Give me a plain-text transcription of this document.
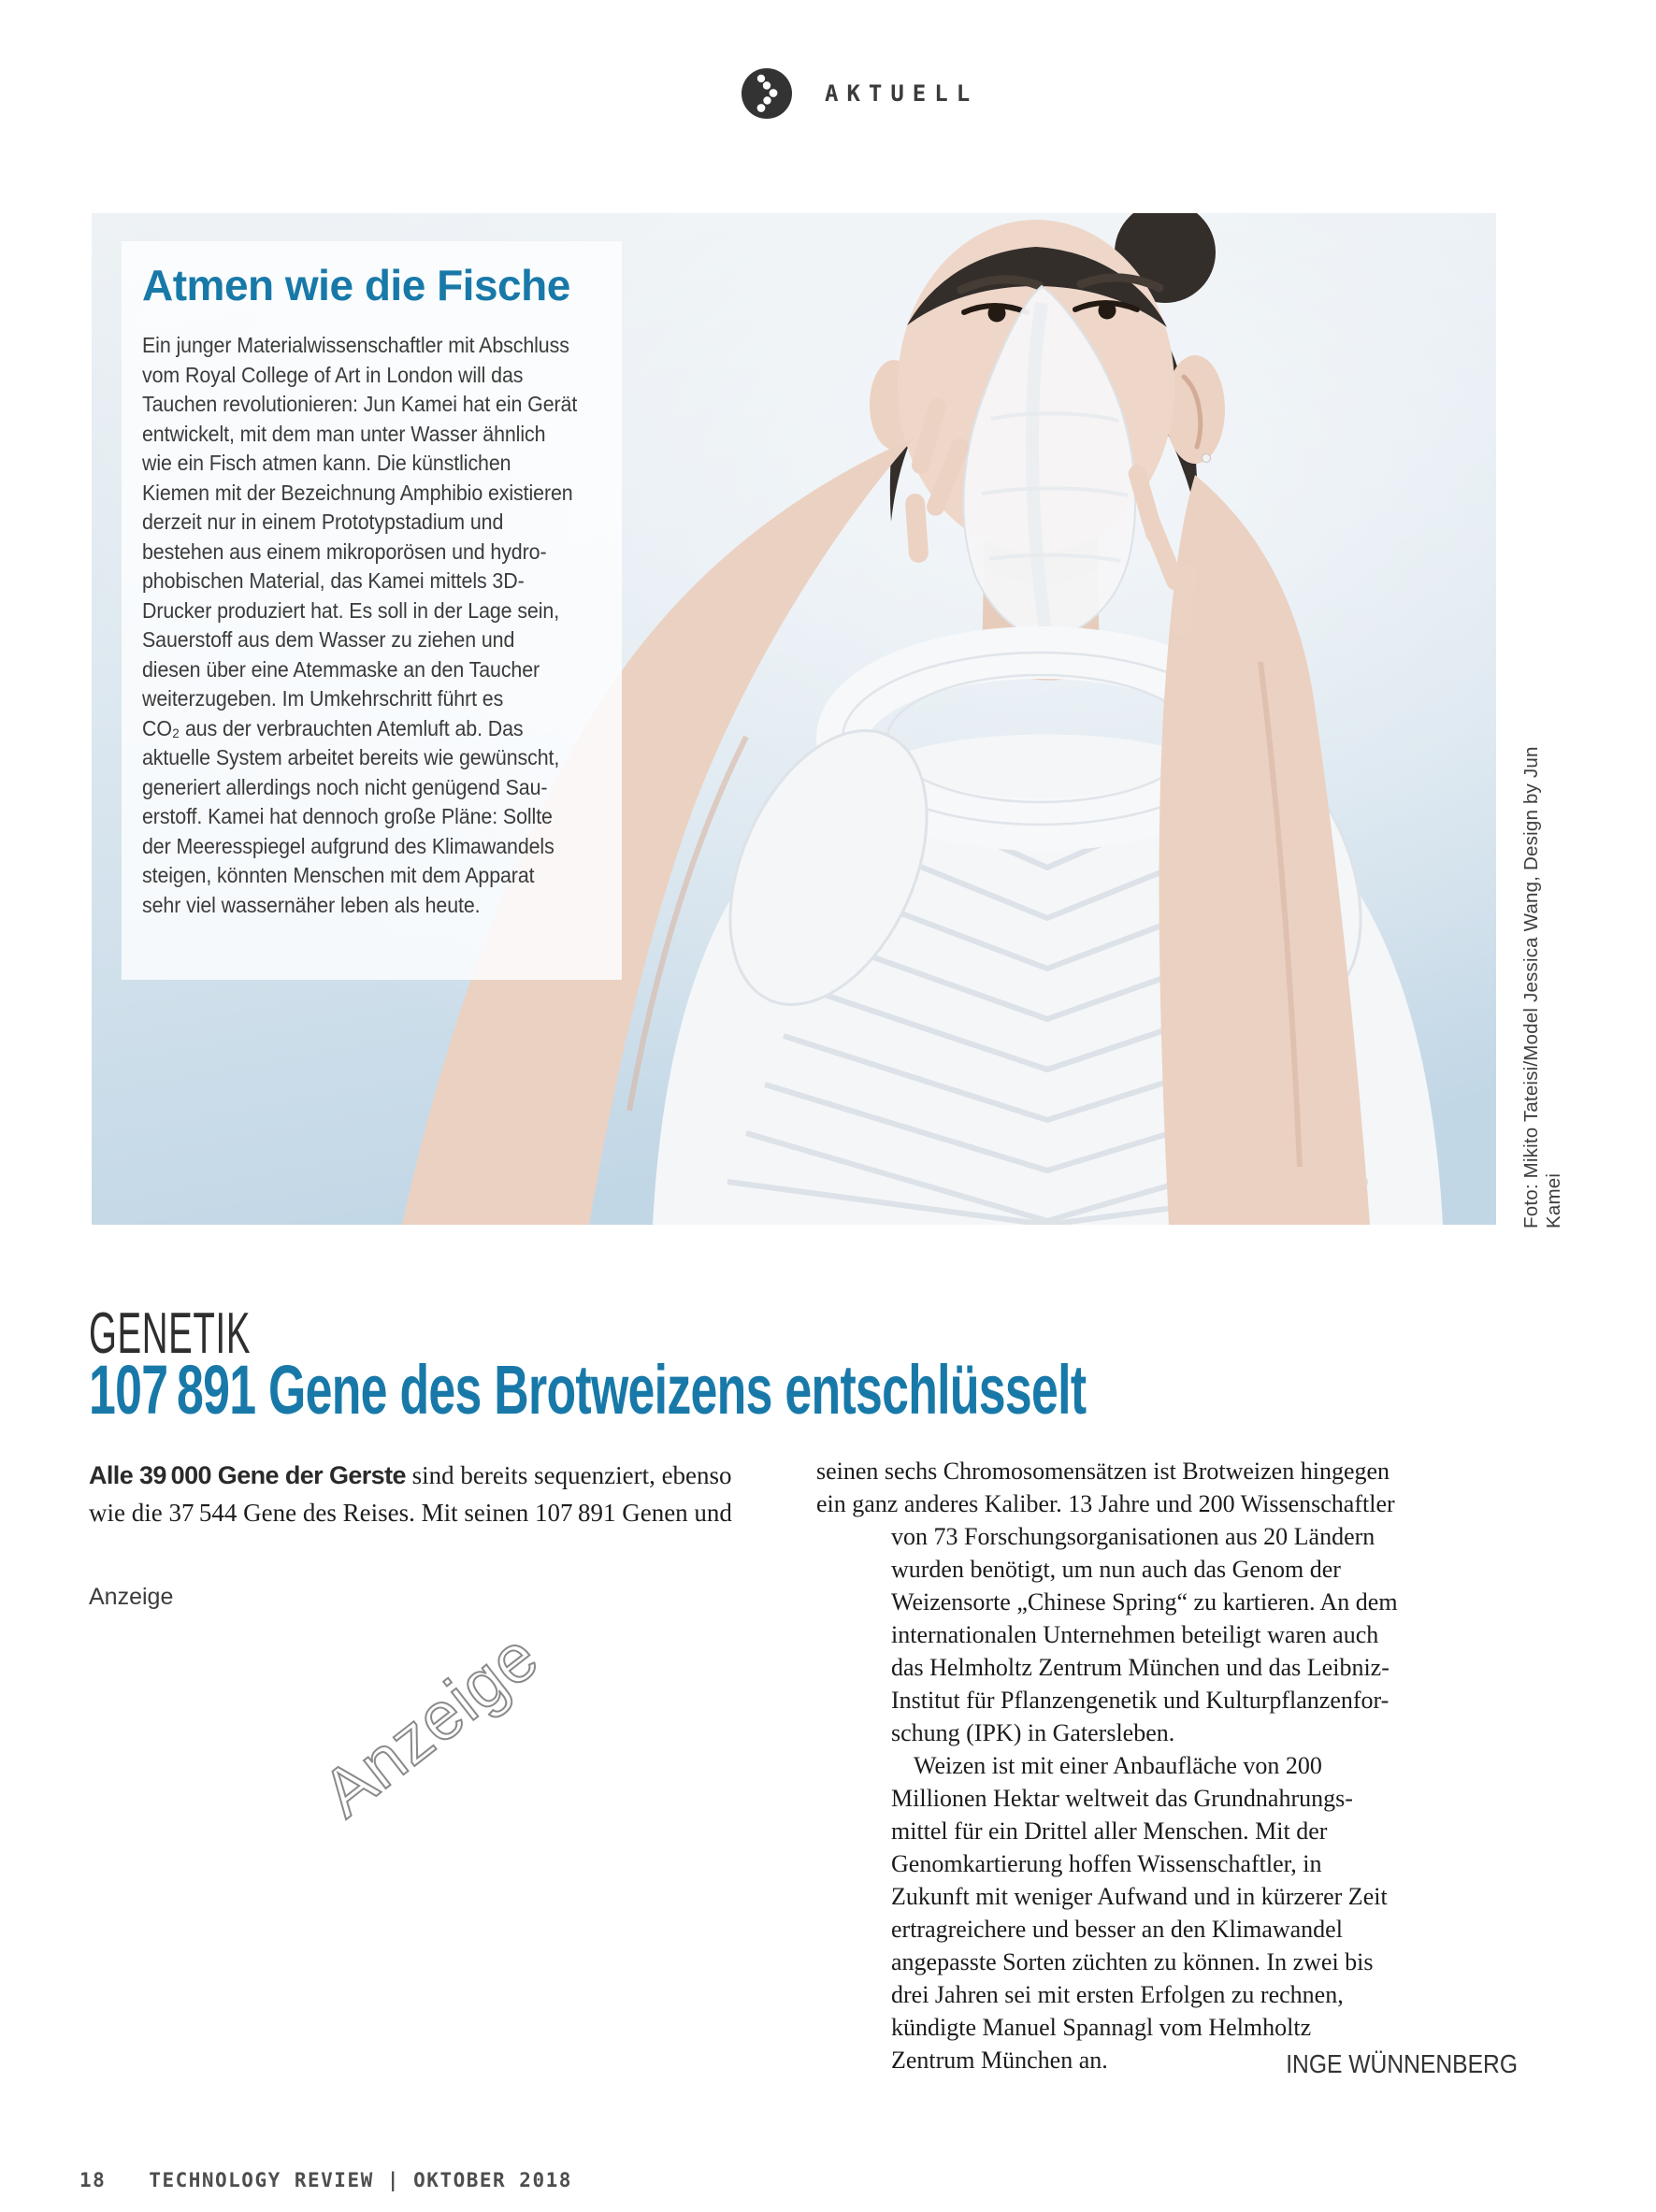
AKTUELL
Atmen wie die Fische
Ein junger Materialwissenschaftler mit Abschluss
vom Royal College of Art in London will das
Tauchen revolutionieren: Jun Kamei hat ein Gerät
entwickelt, mit dem man unter Wasser ähnlich
wie ein Fisch atmen kann. Die künstlichen
Kiemen mit der Bezeichnung Amphibio existieren
derzeit nur in einem Prototypstadium und
bestehen aus einem mikroporösen und hydro-
phobischen Material, das Kamei mittels 3D-
Drucker produziert hat. Es soll in der Lage sein,
Sauerstoff aus dem Wasser zu ziehen und
diesen über eine Atemmaske an den Taucher
weiterzugeben. Im Umkehrschritt führt es
CO₂ aus der verbrauchten Atemluft ab. Das
aktuelle System arbeitet bereits wie gewünscht,
generiert allerdings noch nicht genügend Sau-
erstoff. Kamei hat dennoch große Pläne: Sollte
der Meeresspiegel aufgrund des Klimawandels
steigen, könnten Menschen mit dem Apparat
sehr viel wassernäher leben als heute.	Foto: Mikito Tateisi/Model Jessica Wang, Design by Jun Kamei
GENETIK
107 891 Gene des Brotweizens entschlüsselt
Alle 39 000 Gene der Gerste sind bereits sequenziert, ebenso
wie die 37 544 Gene des Reises. Mit seinen 107 891 Genen und
Anzeige
Anzeige
seinen sechs Chromosomensätzen ist Brotweizen hingegen
ein ganz anderes Kaliber. 13 Jahre und 200 Wissenschaftler
von 73 Forschungsorganisationen aus 20 Ländern
wurden benötigt, um nun auch das Genom der
Weizensorte „Chinese Spring“ zu kartieren. An dem
internationalen Unternehmen beteiligt waren auch
das Helmholtz Zentrum München und das Leibniz-
Institut für Pflanzengenetik und Kulturpflanzenfor-
schung (IPK) in Gatersleben.
Weizen ist mit einer Anbaufläche von 200
Millionen Hektar weltweit das Grundnahrungs-
mittel für ein Drittel aller Menschen. Mit der
Genomkartierung hoffen Wissenschaftler, in
Zukunft mit weniger Aufwand und in kürzerer Zeit
ertragreichere und besser an den Klimawandel
angepasste Sorten züchten zu können. In zwei bis
drei Jahren sei mit ersten Erfolgen zu rechnen,
kündigte Manuel Spannagl vom Helmholtz
Zentrum München an.	INGE WÜNNENBERG
18 TECHNOLOGY REVIEW | OKTOBER 2018
